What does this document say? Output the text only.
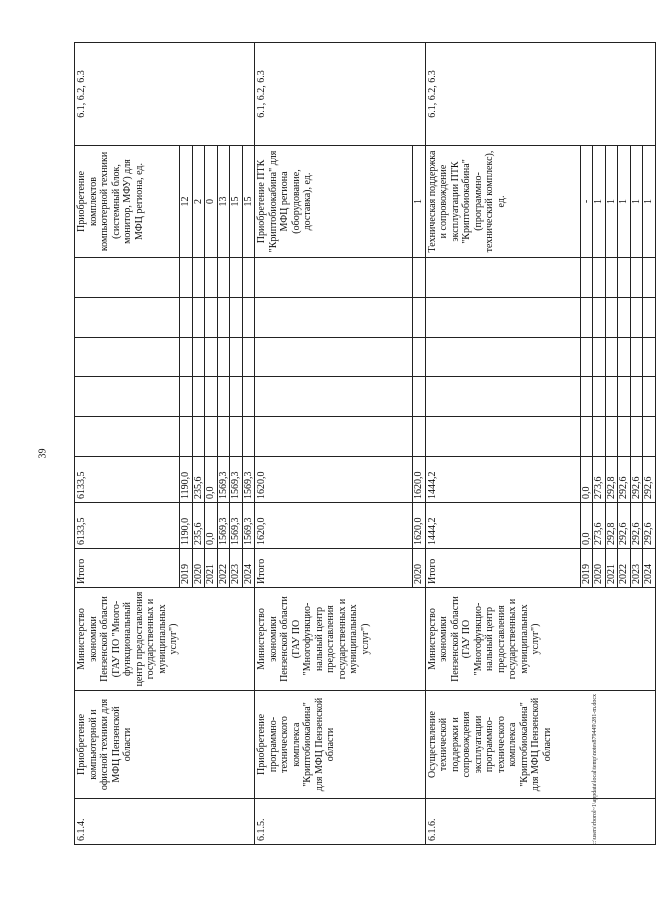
39
c:\users\rborol~1\appdata\local\temp\notes879449\281-m.docx
6.1.4.	Приобретение компьютерной и офисной техники для МФЦ Пензенской области	Министерство экономики Пензенской области (ГАУ ПО "Много-функциональный центр предоставления государственных и муниципальных услуг")	Итого	6133,5	6133,5						Приобретение комплектов компьютерной техники (системный блок, монитор, МФУ) для МФЦ региона, ед.	6.1, 6.2, 6.3
			2019	1190,0	1190,0						12	
			2020	235,6	235,6						2	
			2021	0,0	0,0						0	
			2022	1569,3	1569,3						13	
			2023	1569,3	1569,3						15	
			2024	1569,3	1569,3						15	
6.1.5.	Приобретение программно-технического комплекса "Криптобиокабина" для МФЦ Пензенской области	Министерство экономики Пензенской области (ГАУ ПО "Многофункцио-нальный центр предоставления государственных и муниципальных услуг")	Итого	1620,0	1620,0						Приобретение ПТК "Криптобиокабина" для МФЦ региона (оборудование, доставка), ед.	6.1, 6.2, 6.3
			2020	1620,0	1620,0						1	
6.1.6.	Осуществление технической поддержки и сопровождения эксплуатации программно-технического комплекса "Криптобиокабина" для МФЦ Пензенской области	Министерство экономики Пензенской области (ГАУ ПО "Многофункцио-нальный центр предоставления государственных и муниципальных услуг")	Итого	1444,2	1444,2						Техническая поддержка и сопровождение эксплуатации ПТК "Криптобиокабина" (программно-технический комплекс), ед.	6.1, 6.2, 6.3
			2019	0,0	0,0						-	
			2020	273,6	273,6						1	
			2021	292,8	292,8						1	
			2022	292,6	292,6						1	
			2023	292,6	292,6						1	
			2024	292,6	292,6						1	
